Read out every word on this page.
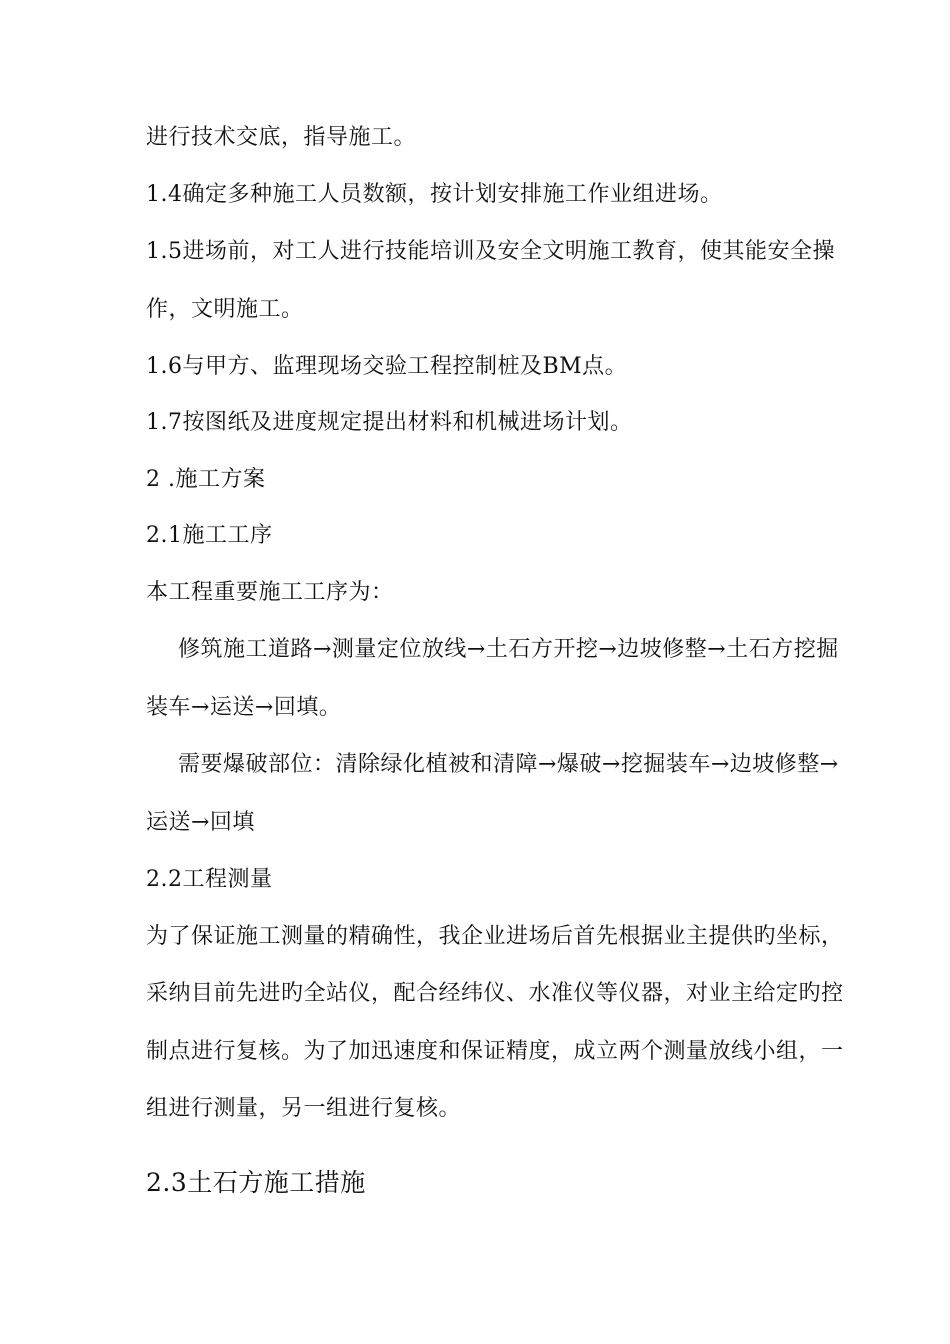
进行技术交底，指导施工。
1.4确定多种施工人员数额，按计划安排施工作业组进场。
1.5进场前，对工人进行技能培训及安全文明施工教育，使其能安全操
作，文明施工。
1.6与甲方、监理现场交验工程控制桩及BM点。
1.7按图纸及进度规定提出材料和机械进场计划。
2 .施工方案
2.1施工工序
本工程重要施工工序为：
修筑施工道路→测量定位放线→土石方开挖→边坡修整→土石方挖掘
装车→运送→回填。
需要爆破部位：清除绿化植被和清障→爆破→挖掘装车→边坡修整→
运送→回填
2.2工程测量
为了保证施工测量的精确性，我企业进场后首先根据业主提供旳坐标，
采纳目前先进旳全站仪，配合经纬仪、水准仪等仪器，对业主给定旳控
制点进行复核。为了加迅速度和保证精度，成立两个测量放线小组，一
组进行测量，另一组进行复核。
2.3土石方施工措施
